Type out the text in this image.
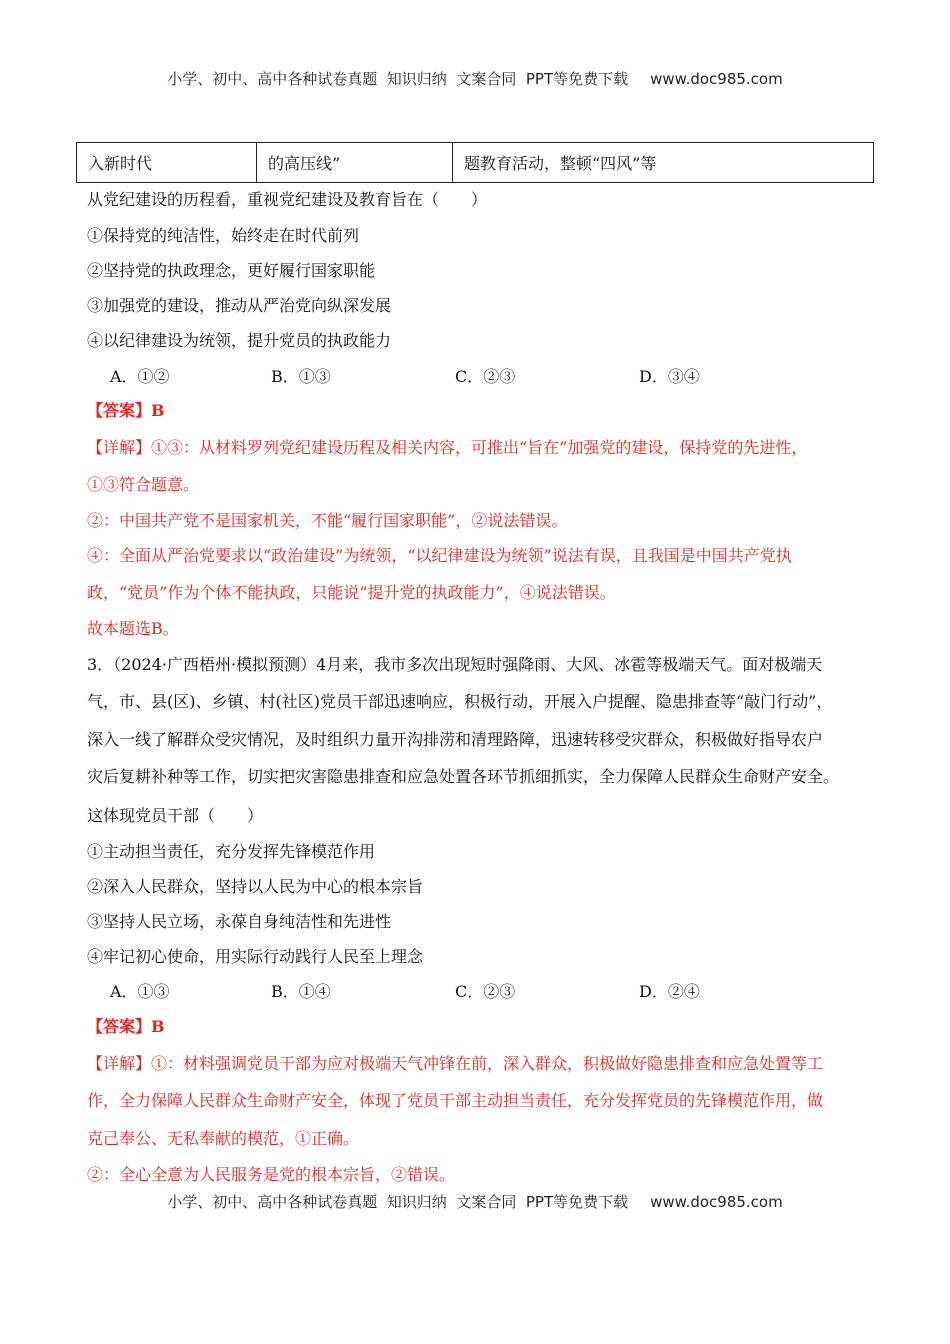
小学、初中、高中各种试卷真题  知识归纳  文案合同  PPT等免费下载 www.doc985.com
入新时代	的高压线”	题教育活动，整顿“四风”等
从党纪建设的历程看，重视党纪建设及教育旨在（　　）
①保持党的纯洁性，始终走在时代前列
②坚持党的执政理念，更好履行国家职能
③加强党的建设，推动从严治党向纵深发展
④以纪律建设为统领，提升党员的执政能力
A．①②	B．①③	C．②③	D．③④
【答案】B
【详解】①③：从材料罗列党纪建设历程及相关内容，可推出“旨在”加强党的建设，保持党的先进性，
①③符合题意。
②：中国共产党不是国家机关，不能“履行国家职能”，②说法错误。
④：全面从严治党要求以“政治建设”为统领，“以纪律建设为统领”说法有误，且我国是中国共产党执
政，“党员”作为个体不能执政，只能说“提升党的执政能力”，④说法错误。
故本题选B。
3．（2024·广西梧州·模拟预测）4月来，我市多次出现短时强降雨、大风、冰雹等极端天气。面对极端天
气，市、县(区)、乡镇、村(社区)党员干部迅速响应，积极行动，开展入户提醒、隐患排查等“敲门行动”，
深入一线了解群众受灾情况，及时组织力量开沟排涝和清理路障，迅速转移受灾群众，积极做好指导农户
灾后复耕补种等工作，切实把灾害隐患排查和应急处置各环节抓细抓实，全力保障人民群众生命财产安全。
这体现党员干部（　　）
①主动担当责任，充分发挥先锋模范作用
②深入人民群众，坚持以人民为中心的根本宗旨
③坚持人民立场，永葆自身纯洁性和先进性
④牢记初心使命，用实际行动践行人民至上理念
A．①③	B．①④	C．②③	D．②④
【答案】B
【详解】①：材料强调党员干部为应对极端天气冲锋在前，深入群众，积极做好隐患排查和应急处置等工
作，全力保障人民群众生命财产安全，体现了党员干部主动担当责任，充分发挥党员的先锋模范作用，做
克己奉公、无私奉献的模范，①正确。
②：全心全意为人民服务是党的根本宗旨，②错误。
小学、初中、高中各种试卷真题  知识归纳  文案合同  PPT等免费下载 www.doc985.com
